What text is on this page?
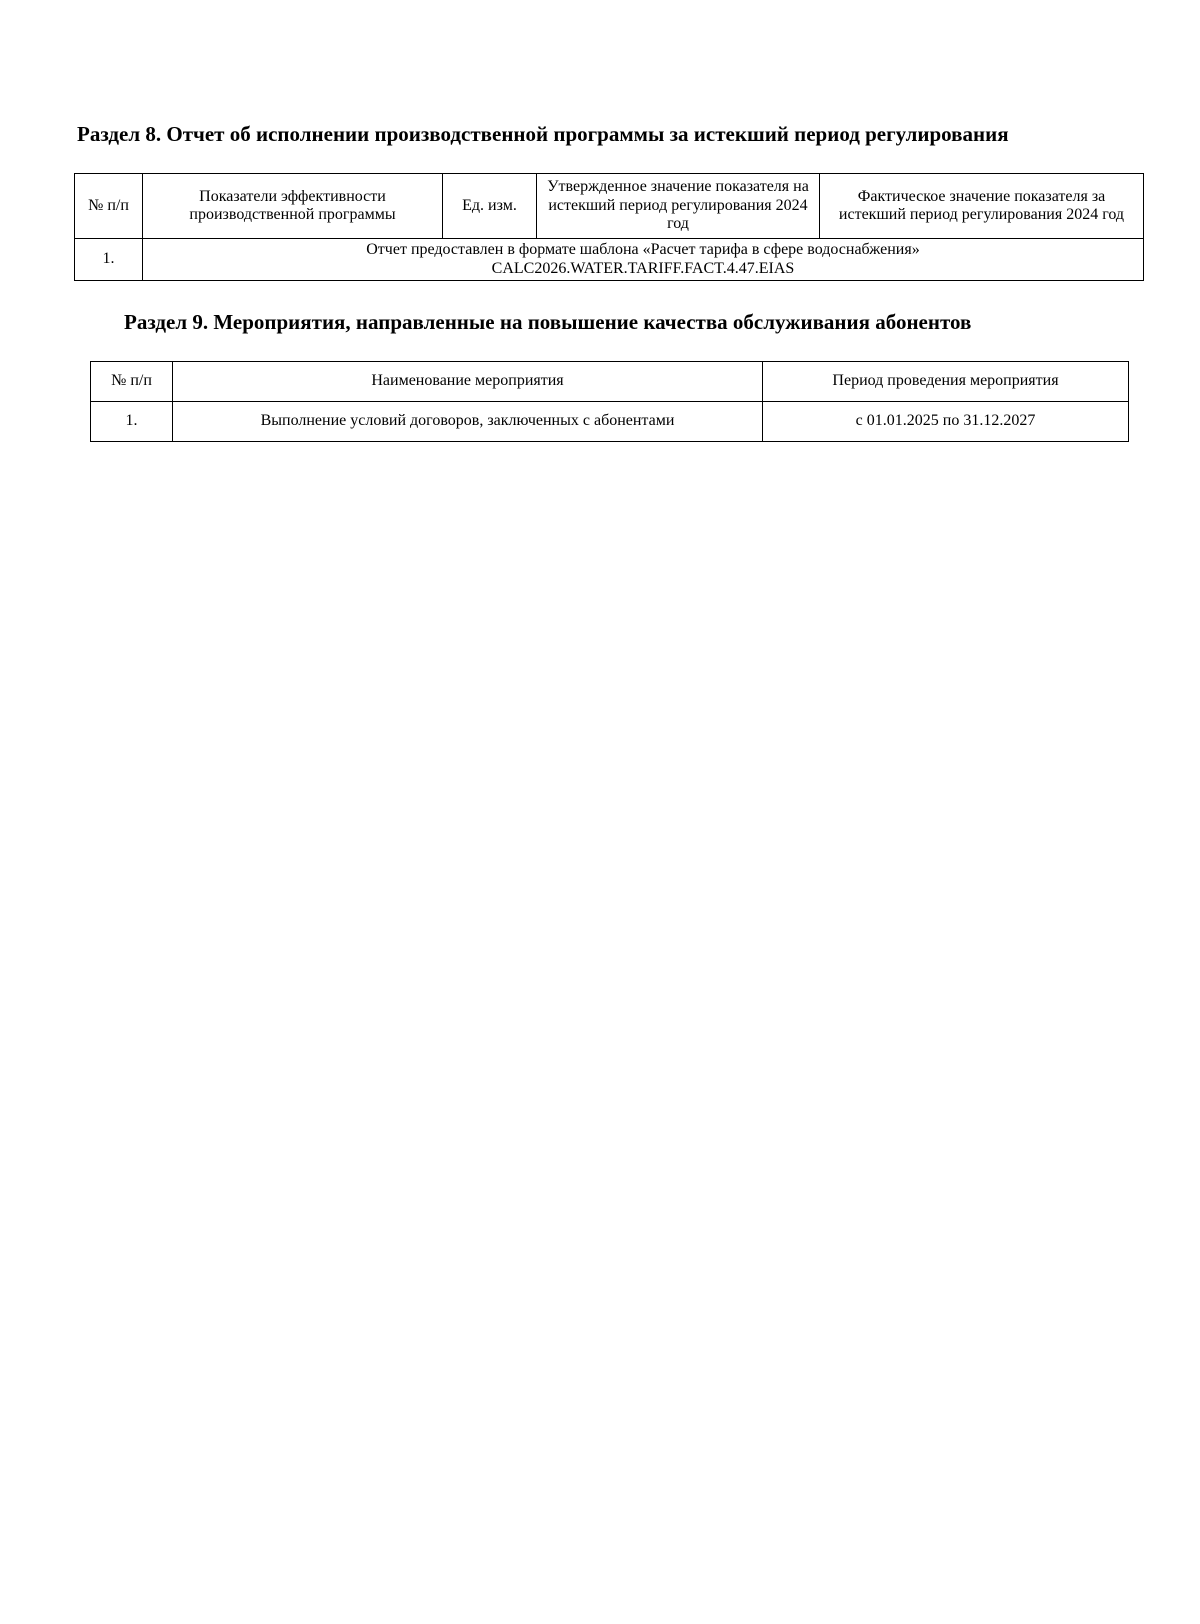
Раздел 8. Отчет об исполнении производственной программы за истекший период регулирования
№ п/п	Показатели эффективности производственной программы	Ед. изм.	Утвержденное значение показателя на истекший период регулирования 2024 год	Фактическое значение показателя за истекший период регулирования 2024 год
1.	Отчет предоставлен в формате шаблона «Расчет тарифа в сфере водоснабжения»
CALC2026.WATER.TARIFF.FACT.4.47.EIAS			
Раздел 9. Мероприятия, направленные на повышение качества обслуживания абонентов
№ п/п	Наименование мероприятия	Период проведения мероприятия
1.	Выполнение условий договоров, заключенных с абонентами	с 01.01.2025 по 31.12.2027
